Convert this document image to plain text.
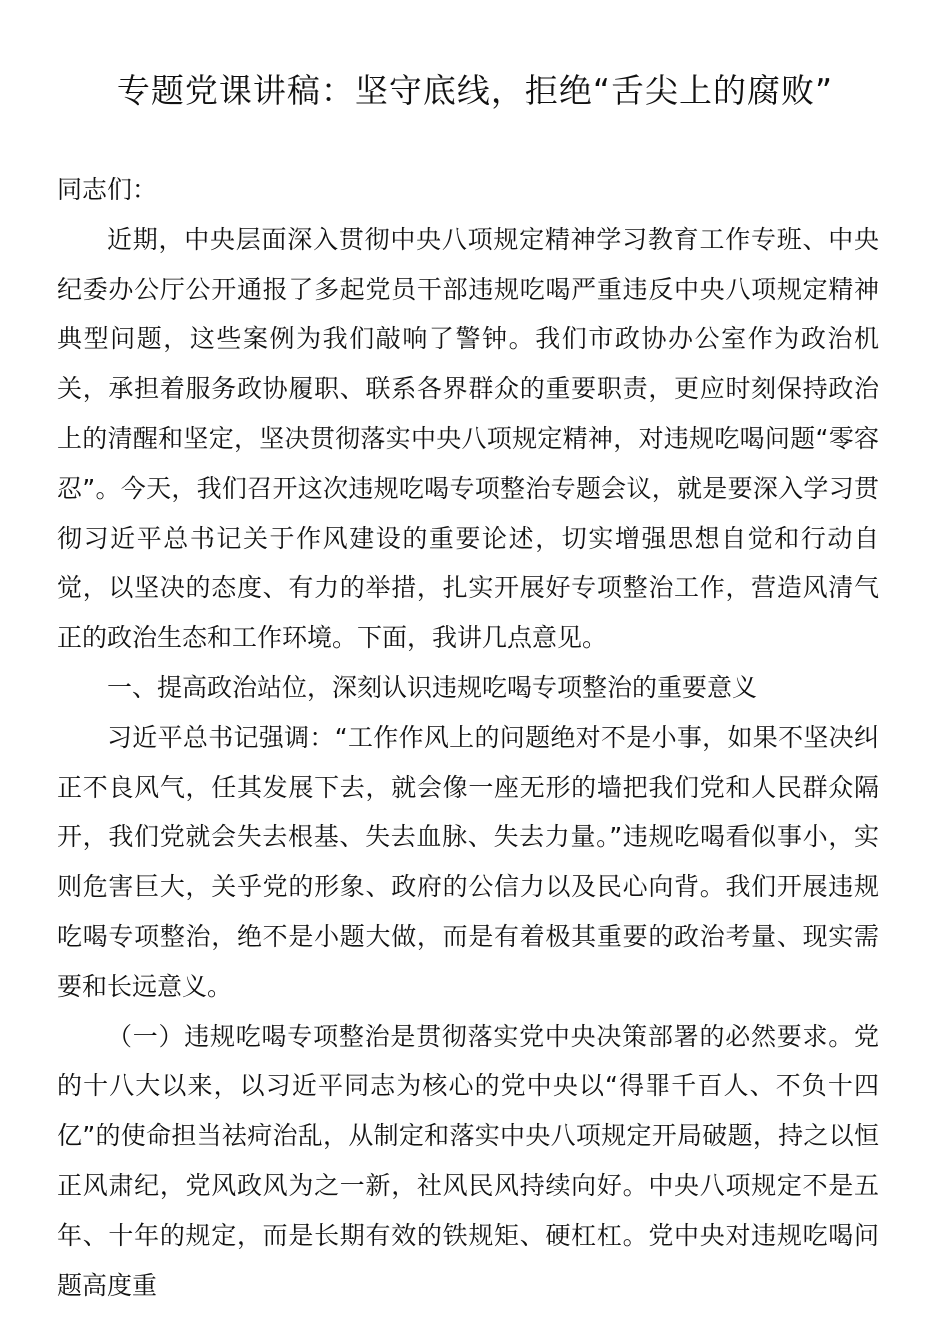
专题党课讲稿：坚守底线，拒绝“舌尖上的腐败”

同志们：

近期，中央层面深入贯彻中央八项规定精神学习教育工作专班、中央纪委办公厅公开通报了多起党员干部违规吃喝严重违反中央八项规定精神典型问题，这些案例为我们敲响了警钟。我们市政协办公室作为政治机关，承担着服务政协履职、联系各界群众的重要职责，更应时刻保持政治上的清醒和坚定，坚决贯彻落实中央八项规定精神，对违规吃喝问题“零容忍”。今天，我们召开这次违规吃喝专项整治专题会议，就是要深入学习贯彻习近平总书记关于作风建设的重要论述，切实增强思想自觉和行动自觉，以坚决的态度、有力的举措，扎实开展好专项整治工作，营造风清气正的政治生态和工作环境。下面，我讲几点意见。

一、提高政治站位，深刻认识违规吃喝专项整治的重要意义

习近平总书记强调：“工作作风上的问题绝对不是小事，如果不坚决纠正不良风气，任其发展下去，就会像一座无形的墙把我们党和人民群众隔开，我们党就会失去根基、失去血脉、失去力量。”违规吃喝看似事小，实则危害巨大，关乎党的形象、政府的公信力以及民心向背。我们开展违规吃喝专项整治，绝不是小题大做，而是有着极其重要的政治考量、现实需要和长远意义。

（一）违规吃喝专项整治是贯彻落实党中央决策部署的必然要求。党的十八大以来，以习近平同志为核心的党中央以“得罪千百人、不负十四亿”的使命担当祛疴治乱，从制定和落实中央八项规定开局破题，持之以恒正风肃纪，党风政风为之一新，社风民风持续向好。中央八项规定不是五年、十年的规定，而是长期有效的铁规矩、硬杠杠。党中央对违规吃喝问题高度重
